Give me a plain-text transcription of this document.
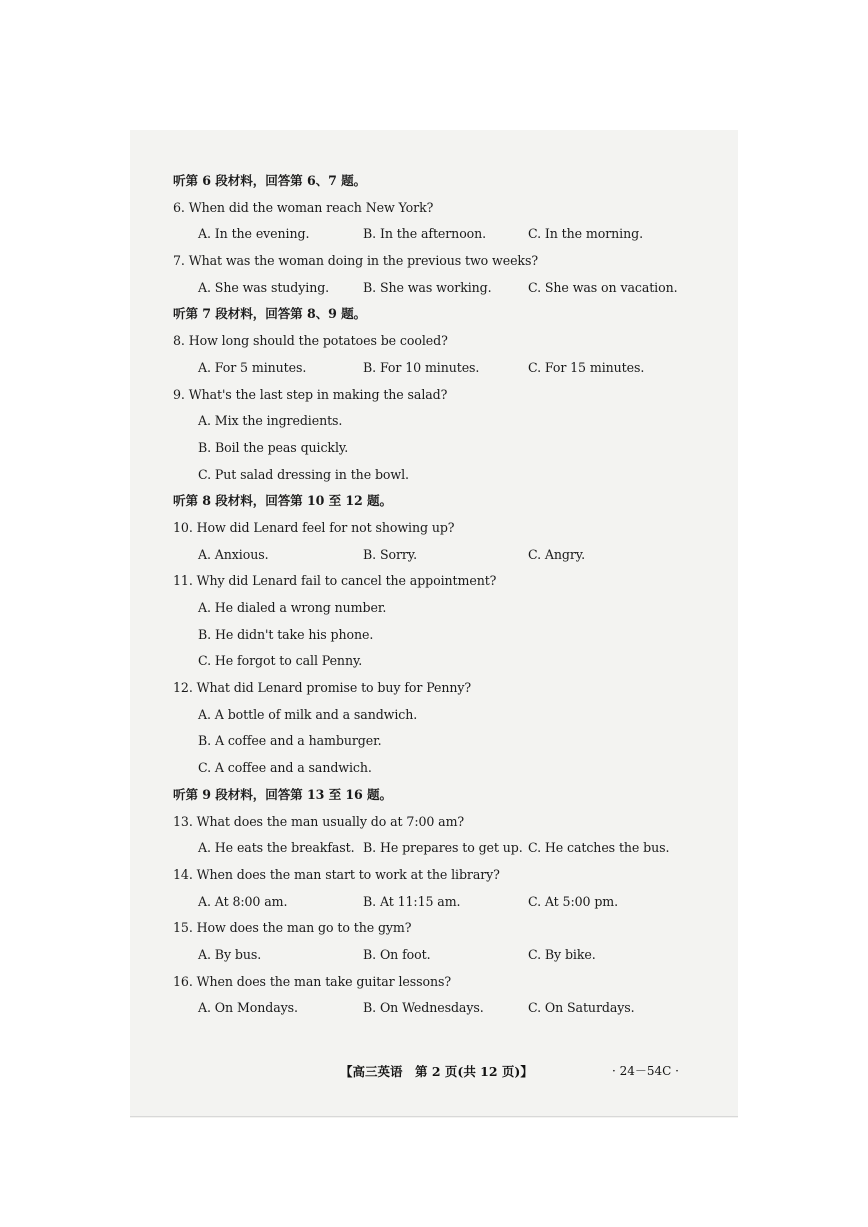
听第 6 段材料，回答第 6、7 题。
6. When did the woman reach New York?
A. In the evening.	B. In the afternoon.	C. In the morning.
7. What was the woman doing in the previous two weeks?
A. She was studying.	B. She was working.	C. She was on vacation.
听第 7 段材料，回答第 8、9 题。
8. How long should the potatoes be cooled?
A. For 5 minutes.	B. For 10 minutes.	C. For 15 minutes.
9. What's the last step in making the salad?
A. Mix the ingredients.
B. Boil the peas quickly.
C. Put salad dressing in the bowl.
听第 8 段材料，回答第 10 至 12 题。
10. How did Lenard feel for not showing up?
A. Anxious.	B. Sorry.	C. Angry.
11. Why did Lenard fail to cancel the appointment?
A. He dialed a wrong number.
B. He didn't take his phone.
C. He forgot to call Penny.
12. What did Lenard promise to buy for Penny?
A. A bottle of milk and a sandwich.
B. A coffee and a hamburger.
C. A coffee and a sandwich.
听第 9 段材料，回答第 13 至 16 题。
13. What does the man usually do at 7:00 am?
A. He eats the breakfast. B. He prepares to get up. C. He catches the bus.
14. When does the man start to work at the library?
A. At 8:00 am.	B. At 11:15 am.	C. At 5:00 pm.
15. How does the man go to the gym?
A. By bus.	B. On foot.	C. By bike.
16. When does the man take guitar lessons?
A. On Mondays.	B. On Wednesdays.	C. On Saturdays.
【高三英语　第 2 页(共 12 页)】	· 24－54C ·
